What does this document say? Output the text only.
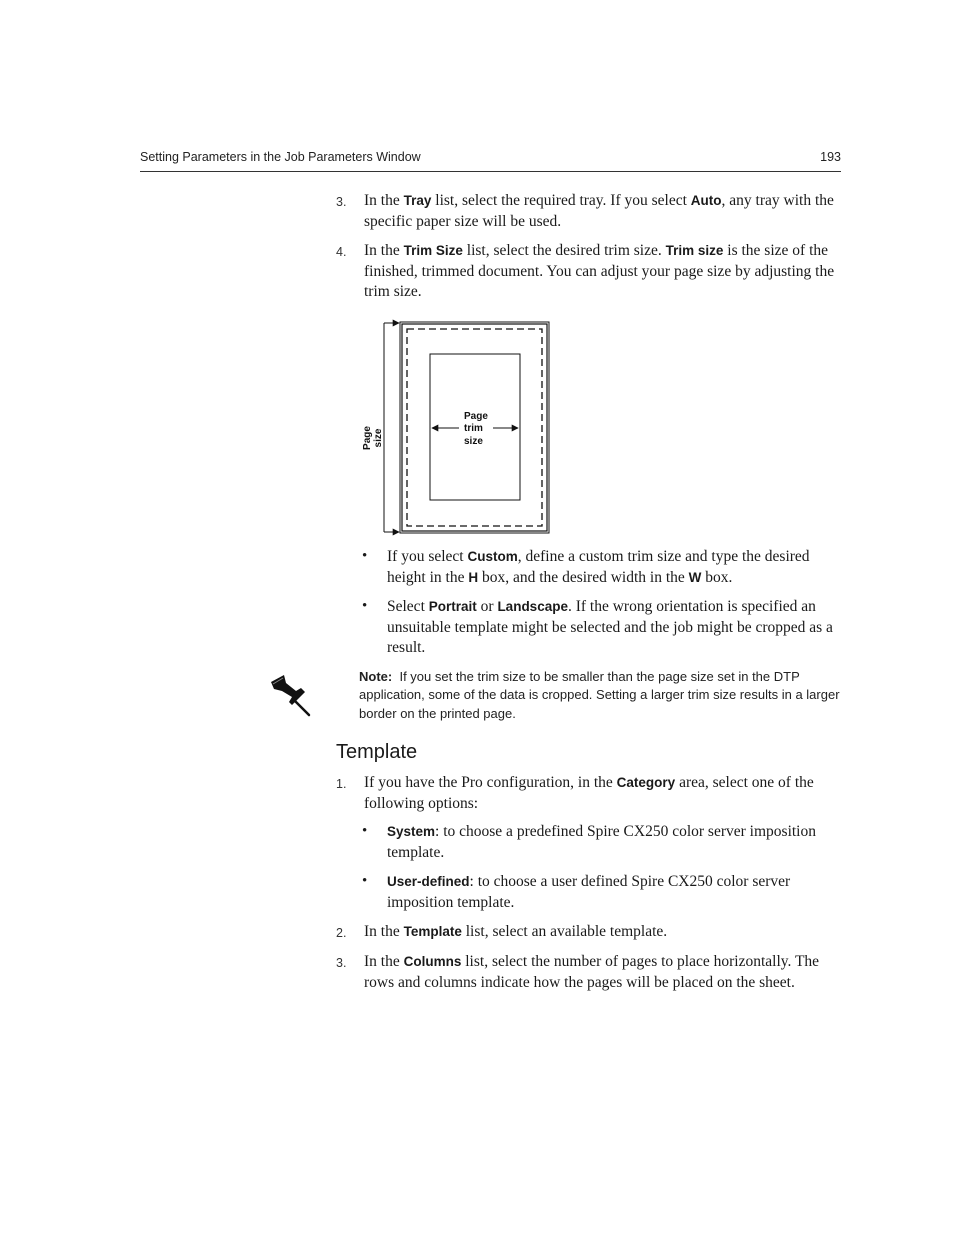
Setting Parameters in the Job Parameters Window	193
3. In the Tray list, select the required tray. If you select Auto, any tray with the specific paper size will be used.
4. In the Trim Size list, select the desired trim size. Trim size is the size of the finished, trimmed document. You can adjust your page size by adjusting the trim size.
Page
trim
size
Page size
• If you select Custom, define a custom trim size and type the desired height in the H box, and the desired width in the W box.
• Select Portrait or Landscape. If the wrong orientation is specified an unsuitable template might be selected and the job might be cropped as a result.
Note: If you set the trim size to be smaller than the page size set in the DTP application, some of the data is cropped. Setting a larger trim size results in a larger border on the printed page.
Template
1. If you have the Pro configuration, in the Category area, select one of the following options:
• System: to choose a predefined Spire CX250 color server imposition template.
• User-defined: to choose a user defined Spire CX250 color server imposition template.
2. In the Template list, select an available template.
3. In the Columns list, select the number of pages to place horizontally. The rows and columns indicate how the pages will be placed on the sheet.
